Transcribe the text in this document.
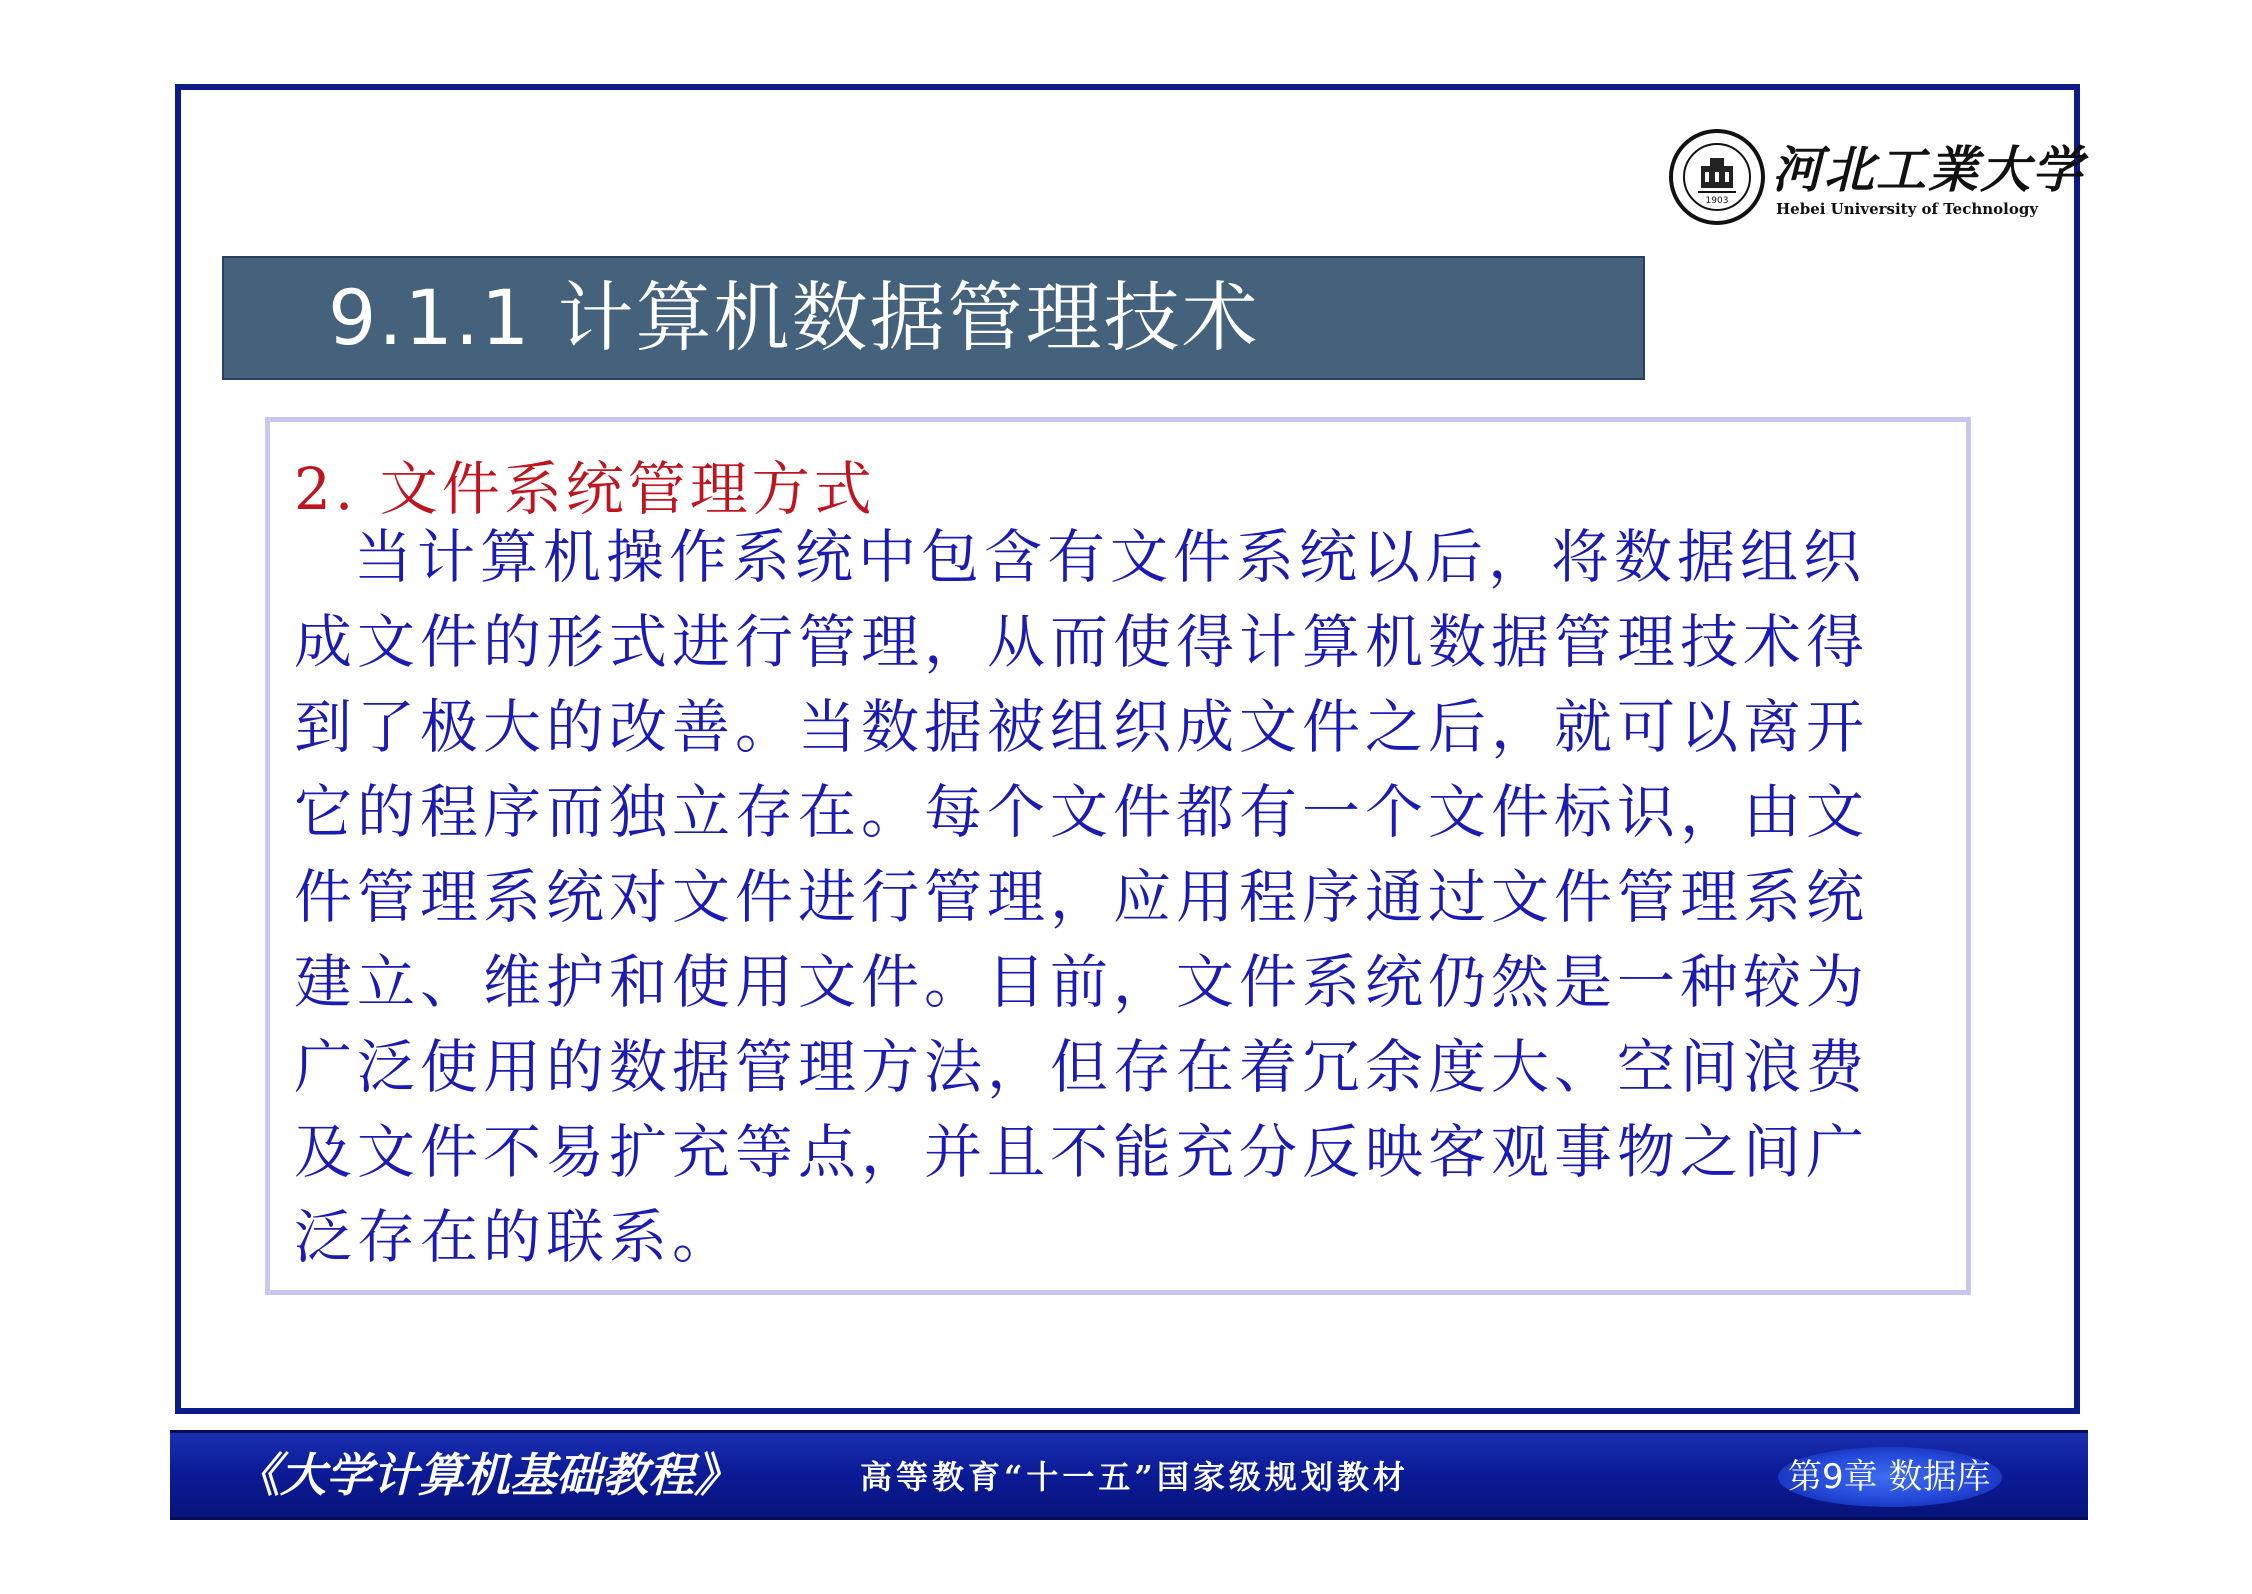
1903
河北工業大学
Hebei University of Technology
9.1.1 计算机数据管理技术
2. 文件系统管理方式
当计算机操作系统中包含有文件系统以后，将数据组织
成文件的形式进行管理，从而使得计算机数据管理技术得
到了极大的改善。当数据被组织成文件之后，就可以离开
它的程序而独立存在。每个文件都有一个文件标识，由文
件管理系统对文件进行管理，应用程序通过文件管理系统
建立、维护和使用文件。目前，文件系统仍然是一种较为
广泛使用的数据管理方法，但存在着冗余度大、空间浪费
及文件不易扩充等点，并且不能充分反映客观事物之间广
泛存在的联系。
《大学计算机基础教程》	高等教育“十一五”国家级规划教材	第9章 数据库
